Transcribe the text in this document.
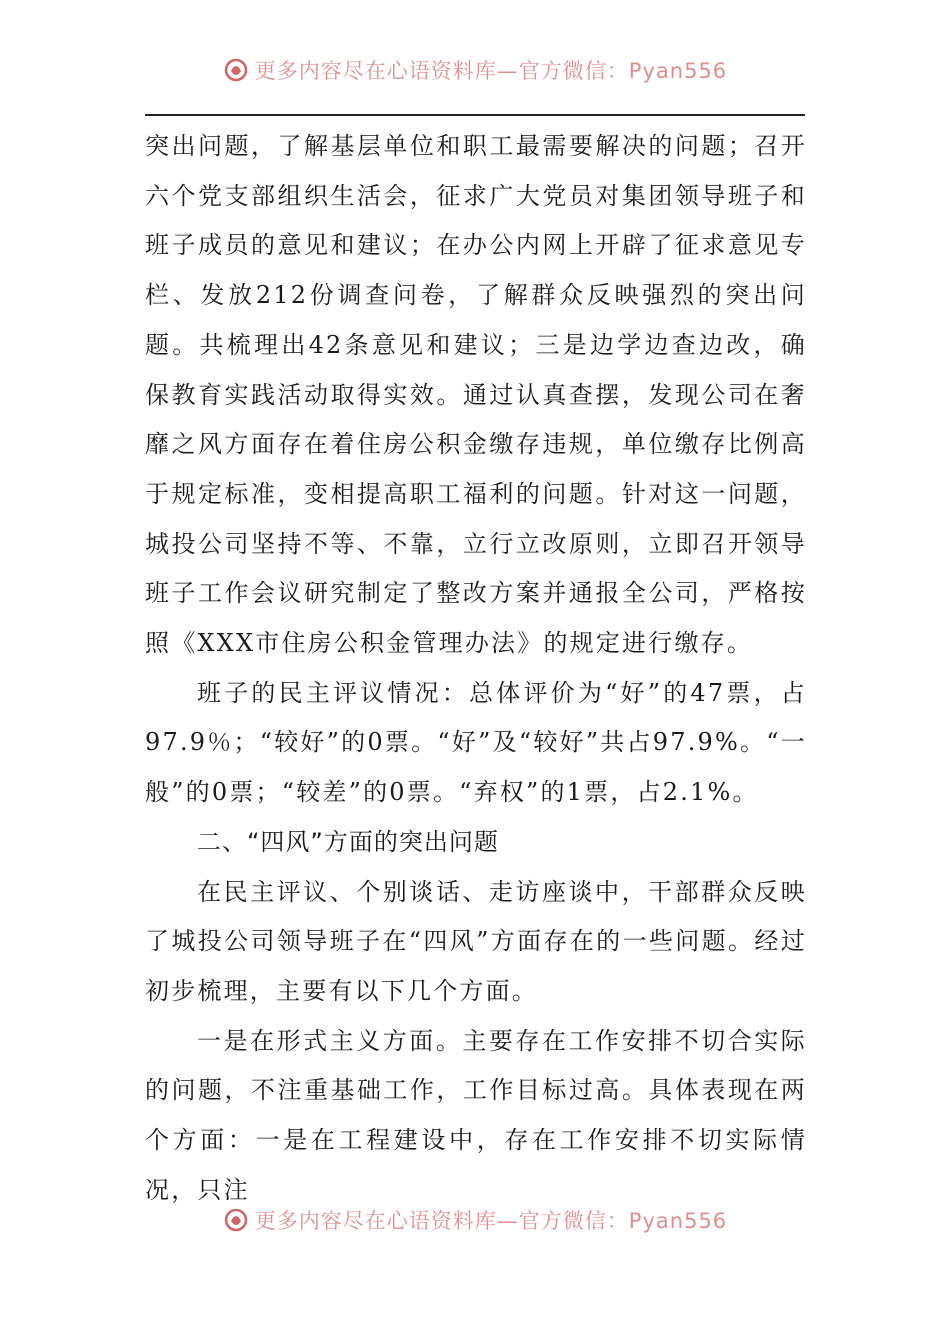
更多内容尽在心语资料库—官方微信：Pyan556

突出问题，了解基层单位和职工最需要解决的问题；召开六个党支部组织生活会，征求广大党员对集团领导班子和班子成员的意见和建议；在办公内网上开辟了征求意见专栏、发放212份调查问卷，了解群众反映强烈的突出问题。共梳理出42条意见和建议；三是边学边查边改，确保教育实践活动取得实效。通过认真查摆，发现公司在奢靡之风方面存在着住房公积金缴存违规，单位缴存比例高于规定标准，变相提高职工福利的问题。针对这一问题，城投公司坚持不等、不靠，立行立改原则，立即召开领导班子工作会议研究制定了整改方案并通报全公司，严格按照《XXX市住房公积金管理办法》的规定进行缴存。

班子的民主评议情况：总体评价为“好”的47票，占97.9％；“较好”的0票。“好”及“较好”共占97.9%。“一般”的0票；“较差”的0票。“弃权”的1票，占2.1%。

二、“四风”方面的突出问题

在民主评议、个别谈话、走访座谈中，干部群众反映了城投公司领导班子在“四风”方面存在的一些问题。经过初步梳理，主要有以下几个方面。

一是在形式主义方面。主要存在工作安排不切合实际的问题，不注重基础工作，工作目标过高。具体表现在两个方面：一是在工程建设中，存在工作安排不切实际情况，只注

更多内容尽在心语资料库—官方微信：Pyan556
